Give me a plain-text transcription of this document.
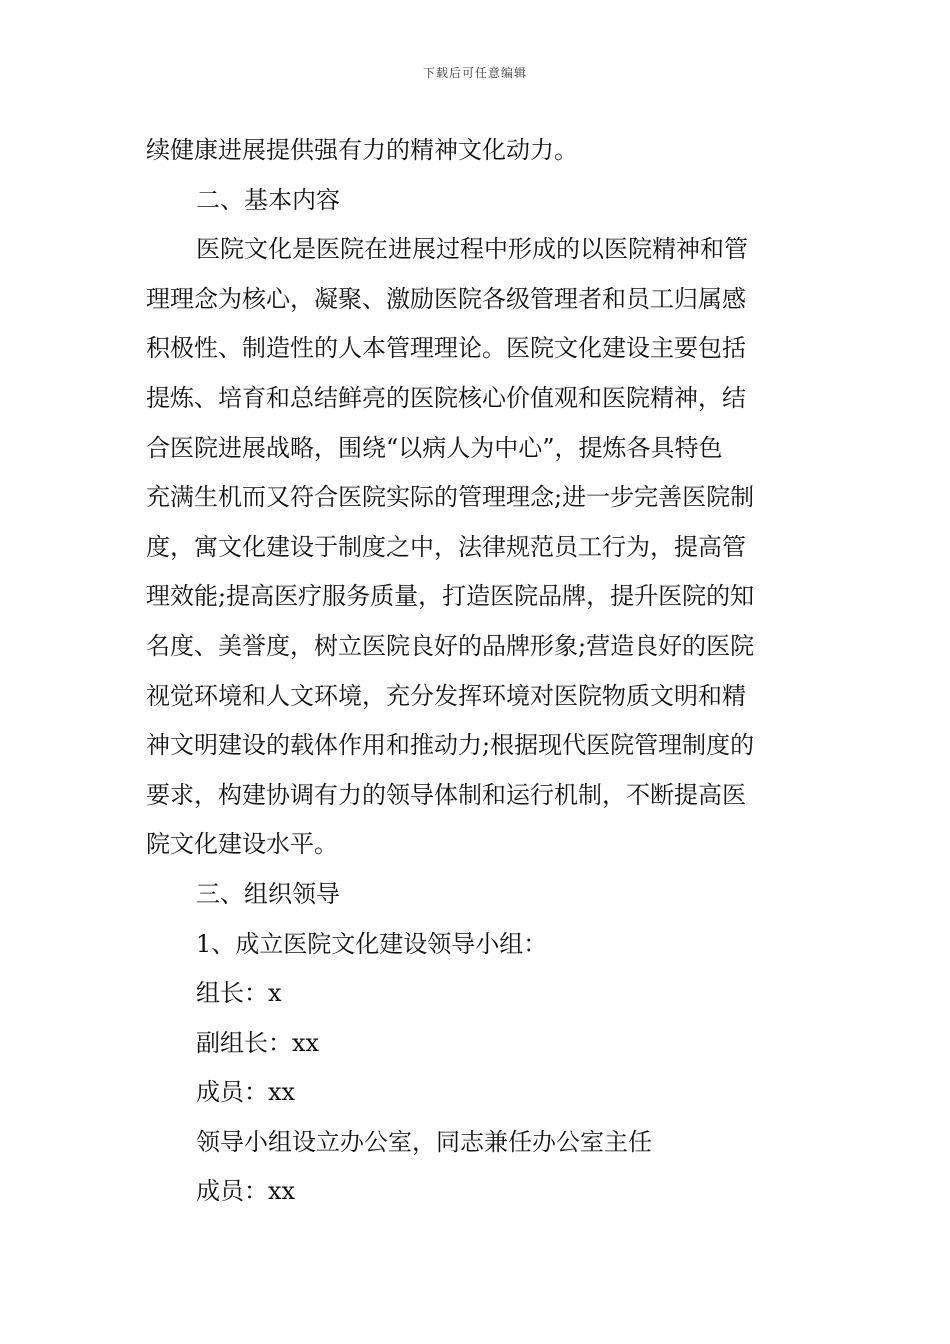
下载后可任意编辑
续健康进展提供强有力的精神文化动力。
二、基本内容
医院文化是医院在进展过程中形成的以医院精神和管
理理念为核心，凝聚、激励医院各级管理者和员工归属感
积极性、制造性的人本管理理论。医院文化建设主要包括
提炼、培育和总结鲜亮的医院核心价值观和医院精神，结
合医院进展战略，围绕“以病人为中心”，提炼各具特色
充满生机而又符合医院实际的管理理念;进一步完善医院制
度，寓文化建设于制度之中，法律规范员工行为，提高管
理效能;提高医疗服务质量，打造医院品牌，提升医院的知
名度、美誉度，树立医院良好的品牌形象;营造良好的医院
视觉环境和人文环境，充分发挥环境对医院物质文明和精
神文明建设的载体作用和推动力;根据现代医院管理制度的
要求，构建协调有力的领导体制和运行机制，不断提高医
院文化建设水平。
三、组织领导
1、成立医院文化建设领导小组：
组长：x
副组长：xx
成员：xx
领导小组设立办公室，同志兼任办公室主任
成员：xx
